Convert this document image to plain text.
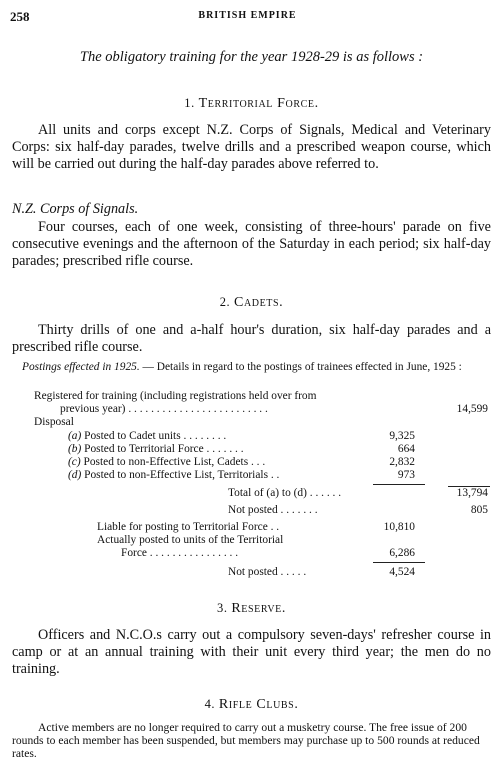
258	BRITISH EMPIRE
The obligatory training for the year 1928-29 is as follows :
1. Territorial Force.
All units and corps except N.Z. Corps of Signals, Medical and Veterinary Corps: six half-day parades, twelve drills and a prescribed weapon course, which will be carried out during the half-day parades above referred to.
N.Z. Corps of Signals.
Four courses, each of one week, consisting of three-hours' parade on five consecutive evenings and the afternoon of the Saturday in each period; six half-day parades; prescribed rifle course.
2. Cadets.
Thirty drills of one and a-half hour's duration, six half-day parades and a prescribed rifle course.
Postings effected in 1925. — Details in regard to the postings of trainees effected in June, 1925 :
Registered for training (including registrations held over from
previous year) . . . . . . . . . . . . . . . . . . . . . . . . .	14,599
Disposal
(a) Posted to Cadet units . . . . . . . .	9,325
(b) Posted to Territorial Force . . . . . . .	664
(c) Posted to non-Effective List, Cadets . . .	2,832
(d) Posted to non-Effective List, Territorials . .	973
Total of (a) to (d) . . . . . .	13,794
Not posted . . . . . . .	805
Liable for posting to Territorial Force . .	10,810
Actually posted to units of the Territorial
Force . . . . . . . . . . . . . . . .	6,286
Not posted . . . . .	4,524
3. Reserve.
Officers and N.C.O.s carry out a compulsory seven-days' refresher course in camp or at an annual training with their unit every third year; the men do no training.
4. Rifle Clubs.
Active members are no longer required to carry out a musketry course. The free issue of 200 rounds to each member has been suspended, but members may purchase up to 500 rounds at reduced rates.
